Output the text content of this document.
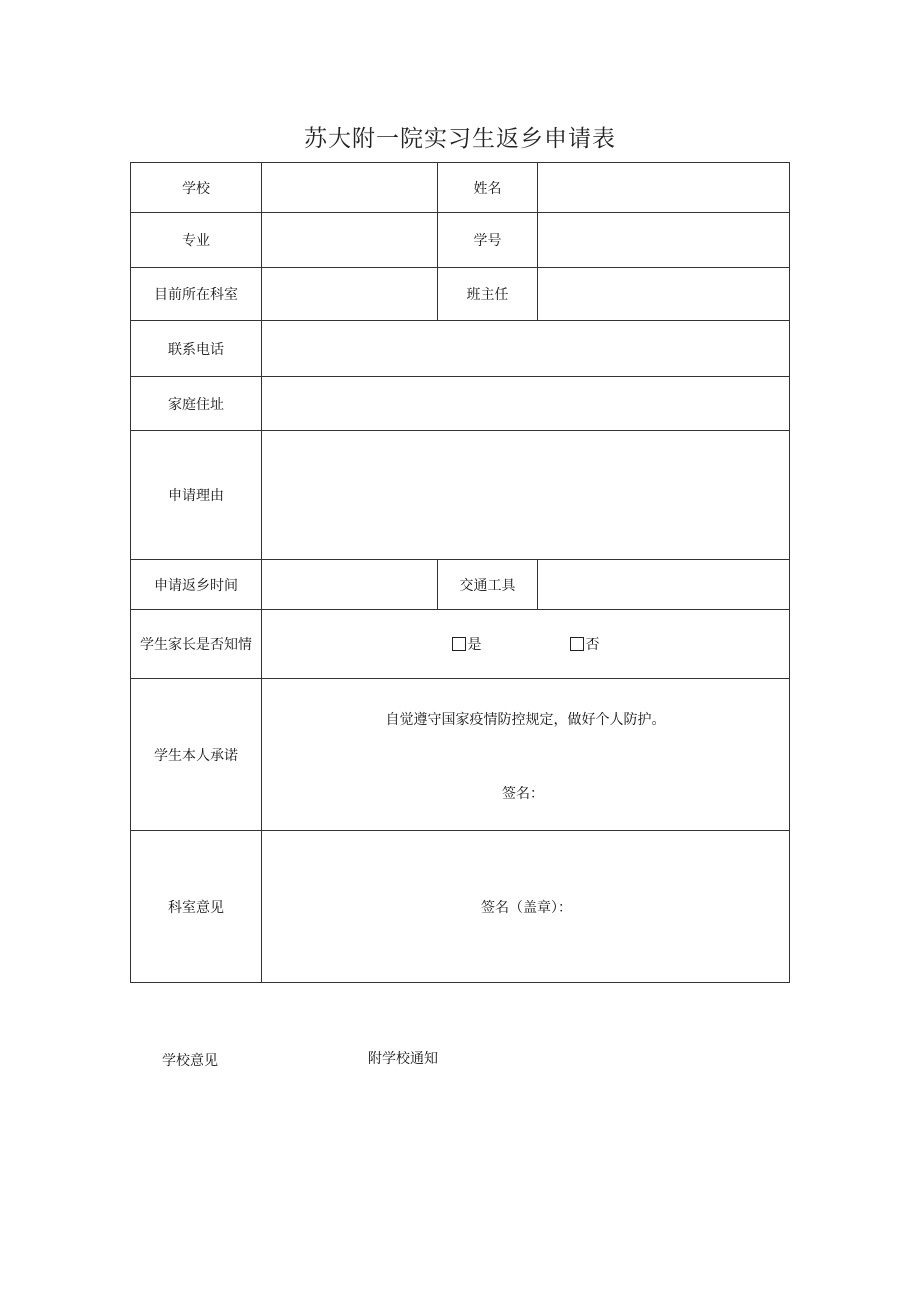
苏大附一院实习生返乡申请表
学校		姓名	
专业		学号	
目前所在科室		班主任	
联系电话			
家庭住址			
申请理由			
申请返乡时间		交通工具	
学生家长是否知情	是 否		

学生本人承诺	自觉遵守国家疫情防控规定，做好个人防护。
签名：		

科室意见	签名（盖章）：		
学校意见	附学校通知
